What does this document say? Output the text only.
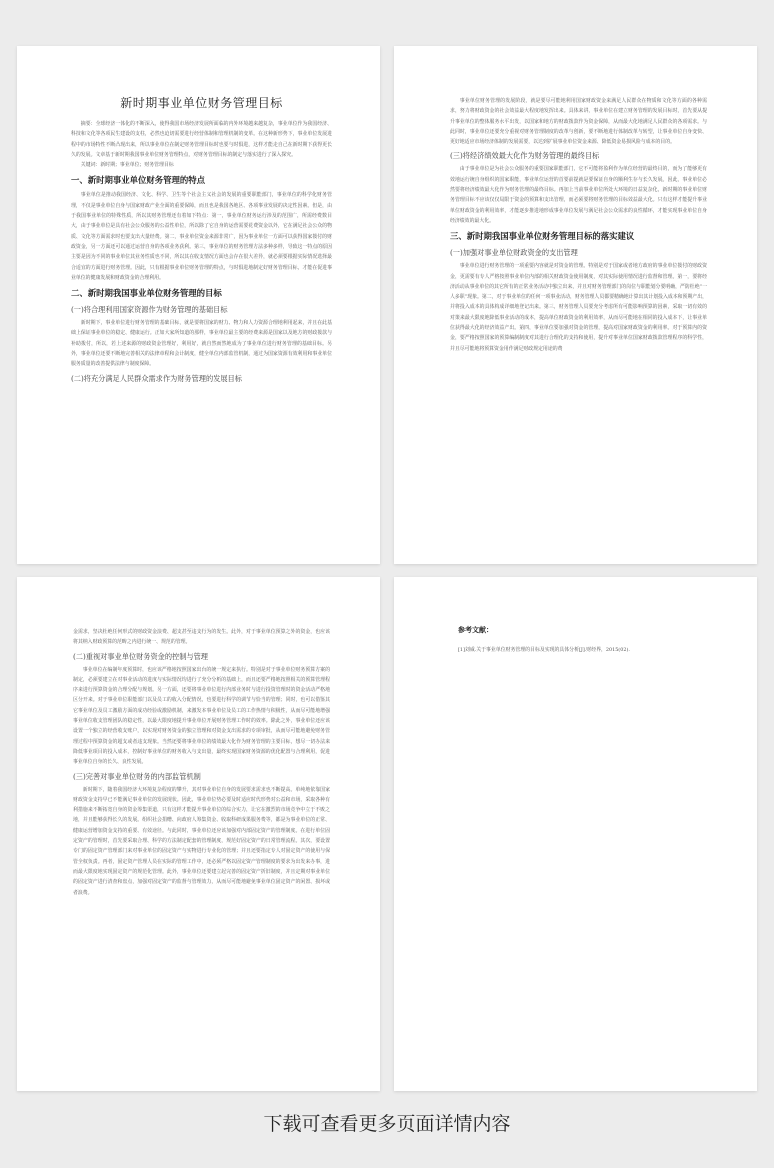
新时期事业单位财务管理目标

摘要：全球经济一体化的不断深入，使得我国市场经济发展所面临的内外环境越来越复杂，事业单位作为我国经济、科技和文化等各项民生建设的支柱，必然也迫切需要进行经营体制和管理机制的变革。在这种新形势下，事业单位发展进程中的市场特性不断凸现出来，所以事业单位在制定财务管理目标时也要与时俱进，这样才能走自己在新时期下获得更长久的发展。文章基于新时期我国事业单位财务管理特点，对财务管理目标的制定与落实进行了深入探究。

关键词：新时期；事业单位；财务管理目标

一、新时期事业单位财务管理的特点

事业单位是推动我国经济、文化、科学、卫生等个社会主义社会的发展的重要职能部门，事业单位的科学化财务管理，不仅是事业单位自身与国家财政产业全面的重要保障，而且也是我国各地区、各项事业发展的决定性因素。但是，由于我国事业单位的特殊性质，所以其财务管理还有着如下特点：第一，事业单位财务运行涉及的范围广，所需经费数目大，由于事业单位是具有社会公众服务的公益性单位，所以除了它自身的运营需要花费资金以外，它在满足社会公众的物质、文化等方面需求时也要支出大量经费。第二，事业单位资金来源非常广，因为事业单位一方面可以获得国家拨付的财政资金，另一方面还可以通过运营自身的各项业务获利。第三，事业单位的财务管理方法多种多样，导致这一特点的原因主要是因为不同的事业单位其业务性质也不同，所以其在收支情况方面也会存在很大差异，就必须要根据实际情况选择最合适宜的方面进行财务管理。因此，只有根据事业单位财务管理的特点，与时俱进地制定好财务管理目标，才能在促进事业单位的健康发展和财政资金的合理利用。

二、新时期我国事业单位财务管理的目标

(一)将合理利用国家资源作为财务管理的基础目标

新时期下，事业单位进行财务管理的基础目标，就是要将国家的财力、物力和人力资源合理地利用起来，并且在此基础上保证事业单位的稳定、健康运行。正如大家所知道的那样，事业单位最主要的经费来源是国家以及地方的财政拨款与补助拨付，所以，若上述来源的财政资金管理好，利用好，就自然而然地成为了事业单位进行财务管理的基础目标。另外，事业单位还要不断地完善相关的法律章程和会计制度，健全单位内部监管机制，通过为国家资源有效利用和事业单位服务质量的改善提供法律与制度保障。

(二)将充分满足人民群众需求作为财务管理的发展目标

事业单位财务管理的发展阶段，就是要尽可能地利用国家财政资金来满足人民群众在物质和文化等方面的各种需求，努力将财政资金的社会效益最大程度地发挥出来。具体来讲，事业单位在建立财务管理的发展目标时，首先要从提升事业单位的整体服务水平出发，以国家和地方的财政拨款作为资金保障，从而最大化地满足人民群众的各项需求。与此同时，事业单位还要充分重视对财务管理制度的改革与创新，要不断地进行体制改革与转型，让事业单位自身变快、更好地适应市场经济体制的发展需要，以达到扩展事业单位资金来源、降低资金易损风险与成本的目的。

(三)将经济绩效最大化作为财务管理的最终目标

由于事业单位是为社会公众服务的重要国家职能部门，它不可能将盈利作为单位经营的最终目的，而为了能够更有效地运行统自身组织的国家职能，事业单位运营的首要前提就是要保证自身的顺利生存与长久发展。因此，事业单位必然要将经济绩效最大化作为财务管理的最终目标。再加上当前事业单位所处大环境的日益复杂化，新时期的事业单位财务管理目标不应该仅仅局限于资金的预算和支出管理，而必须要将财务管理的目标效益最大化。只有这样才能提升事业单位财政资金的利用效率，才能逐步推进地形成事业单位发展与满足社会公众需求的良性循环，才能实现事业单位自身经济绩效的最大化。

三、新时期我国事业单位财务管理目标的落实建议

(一)加强对事业单位财政资金的支出管理

事业单位进行财务管理的一项重要内容就是对资金的管理。特别是对于国家或者地方政府的事业单位拨付的财政资金，更需要有专人严格按照事业单位内部的相关财政资金使用制度，对其实际使用情况进行监督和管理。第一，要将经济活动从事业单位的其它所有的正常业务活动中独立出来，并且对财务管理部门的岗位与职能划分要明确，严防杜绝“一人多职”现象。第二，对于事业单位的任何一项事业活动，财务管理人员都要精确地计算出其计划投入成本和预期产出，并将投入成本的具体构成详细地登记出来。第三，财务管理人员要充分考虑所有可能影响预算的因素，采取一切有效的对策来最大限度地降低事业活动的成本，提高单位财政资金的利用效率，从而尽可能地在相同的投入成本下，让事业单位获得最大化的经济效益产出。第四，事业单位要加强对资金的管理，提高对国家财政资金的利用率。对于预算内的资金，要严格按照国家的预算编制制度对其进行合理化的支持和使用，提升对事业单位国家财政拨款管理程序的科学性，并且尽可能地将预算资金用作满足财政规定用途的费

金需求，坚决杜绝任何形式的财政资金浪费、超支甚至违支行为的发生。此外，对于事业单位预算之外的资金，也应该将其纳入财政预算的范畴之内进行统一、规范的管理。

(二)重视对事业单位财务资金的控制与管理

事业单位在编制年度预算时，也应该严格地按照国家出台的统一规定来执行。特别是对于事业单位财务预算方案的制定，必须要建立在对事业活动的进度与实际情况均进行了充分分析的基础上，而且还要严格地按照相关的预算管理程序来进行预算资金的合理分配与规划。另一方面，还要将事业单位进行内部业务时与进行投资管理时的资金活动严格地区分开来。对于事业单位职能部门以及员工的收入分配情况，也要进行科学的调节与恰当的管理；同时，也可以借鉴其它事业单位及员工激励方面的成功经验或激励机制，来激发本事业单位及员工的工作热情与积极性，从而尽可能地增强事业单位收支管理团队的稳定性，以最大限度地提升事业单位开展财务管理工作时的效率。除此之外，事业单位还应该设置一个独立的经营收支账户，以实现对财务资金的独立管理和对资金支出需求的专项审批，从而尽可能地避免财务管理过程中预算资金的超支或者违支现象。当然还要将事业单位的绩效最大化作为财务管理的主要目标，想尽一切办法来降低事业项目的投入成本，控制好事业单位的财务收入与支出量，最终实现国家财务资源的优化配置与合理利用，促进事业单位自身的长久、良性发展。

(三)完善对事业单位财务的内部监管机制

新时期下，随着我国经济大环境复杂程度的攀升，其对事业单位自身的发展要求需求也不断提高。单纯地依靠国家财政资金支持早已不能满足事业单位的发展现状。因此，事业单位势必要及时适应时代形势对公益和市场，采取各种有利措施来不断拓宽自身的资金筹集渠道，只有这样才能提升事业单位的综合实力，让它在激烈的市场竞争中立于不败之地，并且能够获得长久的发展。组织社会捐赠、向政府人筹集资金、收取科研成果服务费等，都是为事业单位的正常、健康运营增加资金支持的重要、有效途径。与此同时，事业单位还应该加强对内部固定资产的管理制度。在进行单位固定资产的管理时，首先要采取合理、科学的方法制定配套的管理制度，规范好固定资产的日常管理流程。其次，要设置专门的固定资产管理部门来对事业单位的固定资产与实物进行专业化的管理；并且还要指定专人对固定资产的使用与保管全权负责。再者，固定资产管理人员在实际的管理工作中，还必须严格以固定资产管理制度的要求为出发来办事，进而最大限度地实现固定资产的规范化管理。此外，事业单位还要建立起完善的固定资产折旧制度，并且定期对事业单位的固定资产进行清查和盘点，加强对固定资产的监督与管理效力，从而尽可能地避免事业单位固定资产的闲置、损坏或者浪费。

参考文献：

[1]刘威.关于事业单位财务管理的目标及实现的具体分析[J].财经界，2015(02).

下载可查看更多页面详情内容
